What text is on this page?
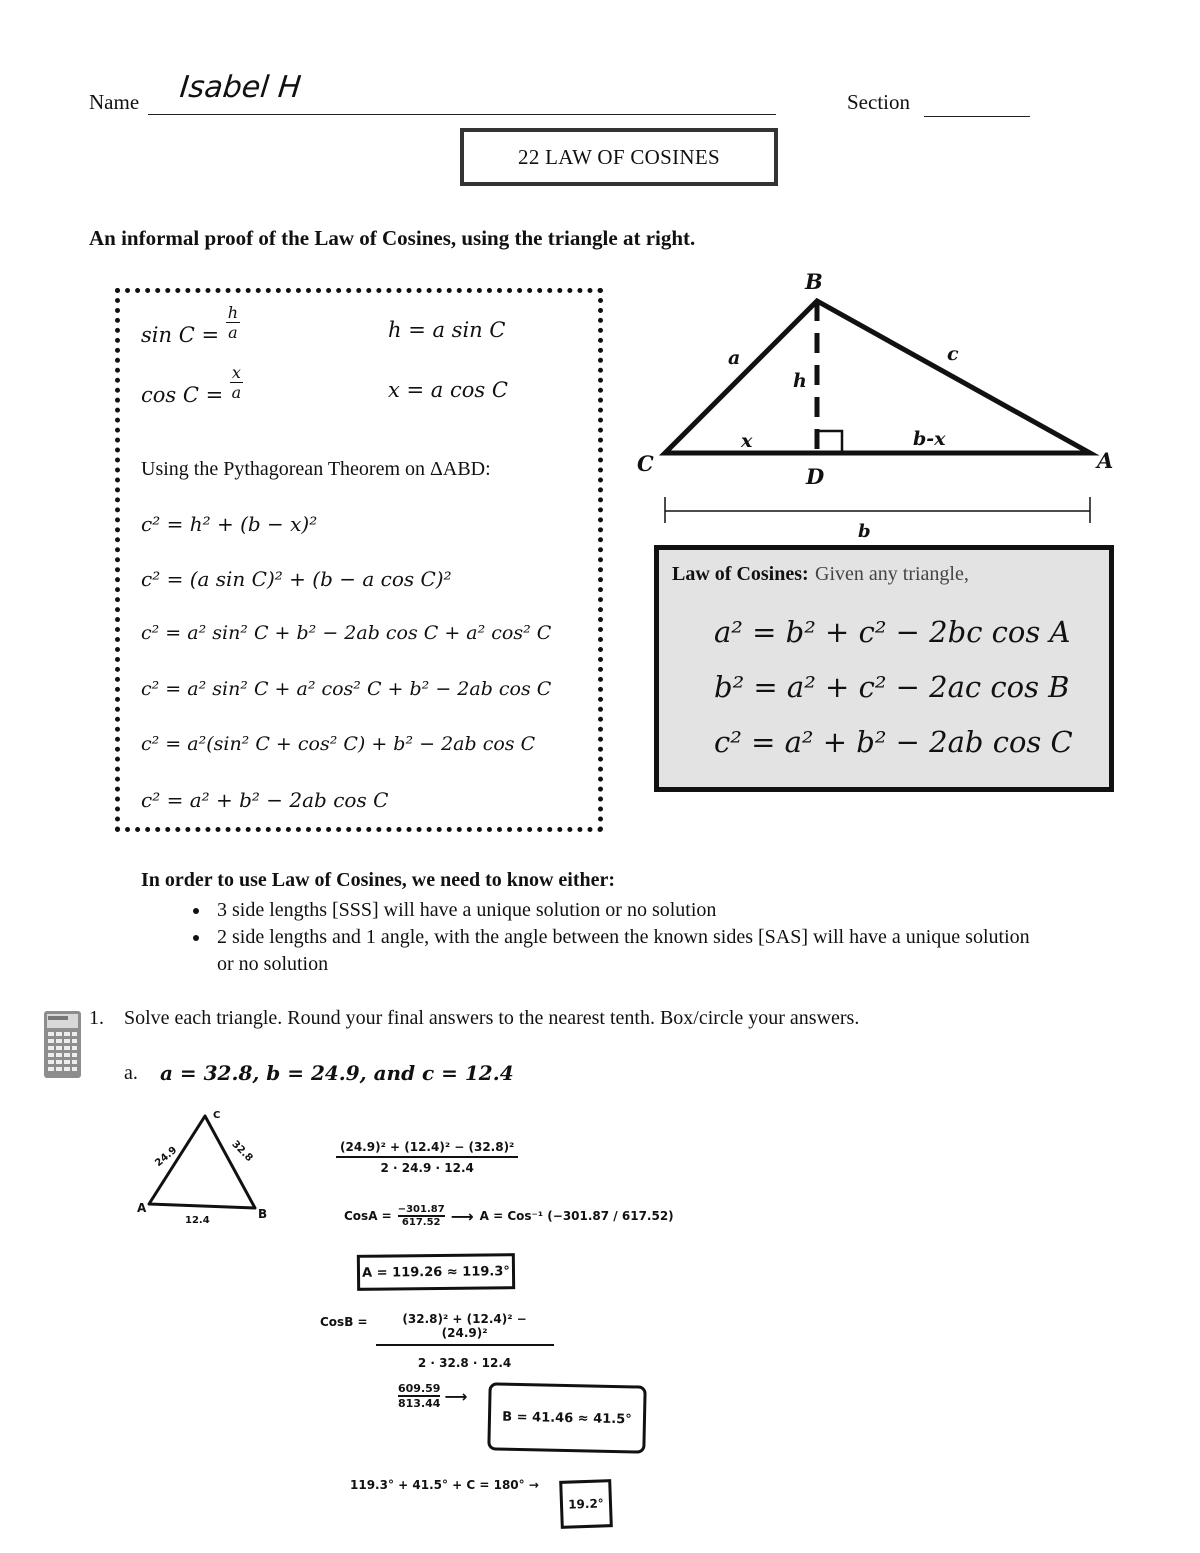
Name Isabel H	Section
22 LAW OF COSINES
An informal proof of the Law of Cosines, using the triangle at right.
$\sin C = \frac{h}{a}$	h = a sin C
$\cos C = \frac{x}{a}$	x = a cos C
Using the Pythagorean Theorem on ΔABD:
c² = h² + (b − x)²
c² = (a sin C)² + (b − a cos C)²
c² = a² sin² C + b² − 2ab cos C + a² cos² C
c² = a² sin² C + a² cos² C + b² − 2ab cos C
c² = a²(sin² C + cos² C) + b² − 2ab cos C
c² = a² + b² − 2ab cos C
B
C	A
D
a	c
h
x	b-x
b
Law of Cosines: Given any triangle,
a² = b² + c² − 2bc cos A
b² = a² + c² − 2ac cos B
c² = a² + b² − 2ab cos C
In order to use Law of Cosines, we need to know either:
• 3 side lengths [SSS] will have a unique solution or no solution
• 2 side lengths and 1 angle, with the angle between the known sides [SAS] will have a unique solution or no solution
1. Solve each triangle. Round your final answers to the nearest tenth. Box/circle your answers.
a. a = 32.8, b = 24.9, and c = 12.4
24.9	32.8
12.4
C
A	B
$\frac{\text{(24.9)² + (12.4)² − (32.8)²}}{2 \cdot 24.9 \cdot 12.4}$
CosA = $\frac{-301.87}{617.52}$ ⟶ A = Cos⁻¹ (−301.87 / 617.52)
A = 119.26 ≈ 119.3°
CosB = $\frac{\text{(32.8)² + (12.4)² − (24.9)²}}{2 \cdot 32.8 \cdot 12.4}$
$\frac{609.59}{813.44}$ ⟶
B = 41.46 ≈ 41.5°
119.3° + 41.5° + C = 180° →
19.2°
